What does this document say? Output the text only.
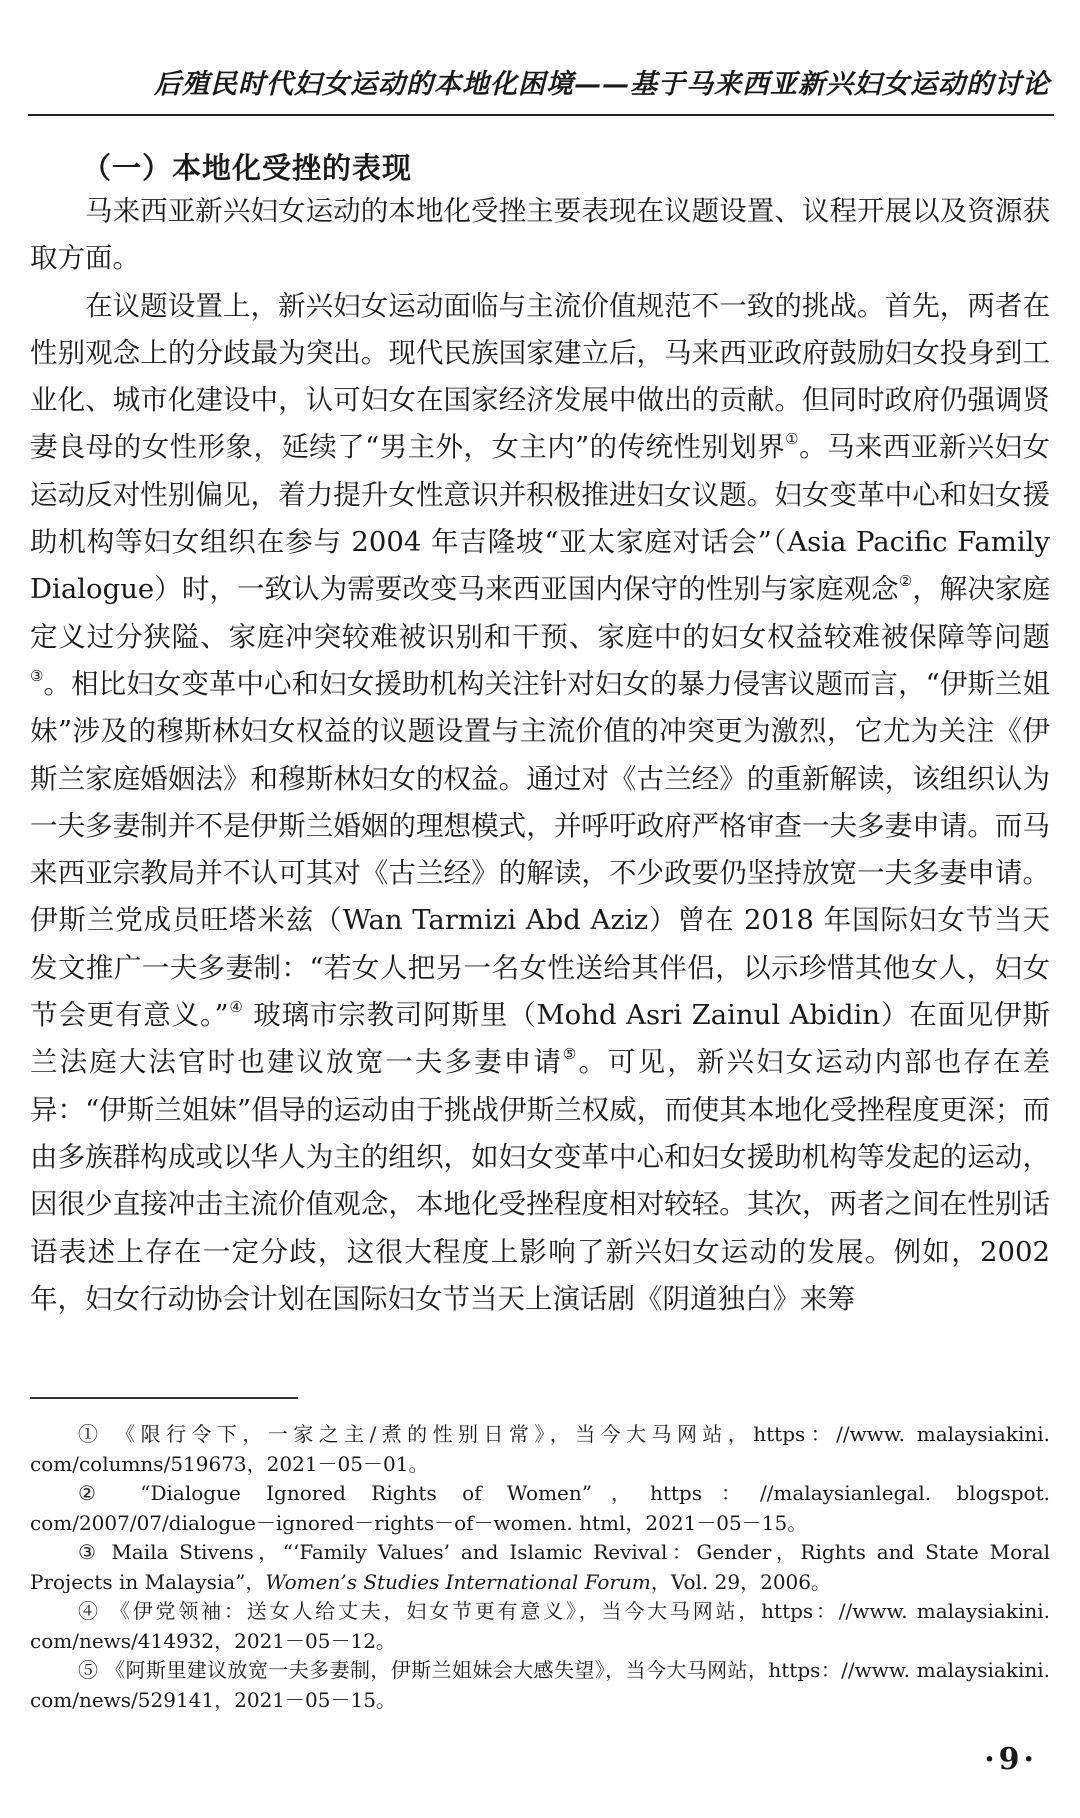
后殖民时代妇女运动的本地化困境——基于马来西亚新兴妇女运动的讨论
（一）本地化受挫的表现

马来西亚新兴妇女运动的本地化受挫主要表现在议题设置、议程开展以及资源获取方面。

在议题设置上，新兴妇女运动面临与主流价值规范不一致的挑战。首先，两者在性别观念上的分歧最为突出。现代民族国家建立后，马来西亚政府鼓励妇女投身到工业化、城市化建设中，认可妇女在国家经济发展中做出的贡献。但同时政府仍强调贤妻良母的女性形象，延续了“男主外，女主内”的传统性别划界①。马来西亚新兴妇女运动反对性别偏见，着力提升女性意识并积极推进妇女议题。妇女变革中心和妇女援助机构等妇女组织在参与 2004 年吉隆坡“亚太家庭对话会”（Asia Pacific Family Dialogue）时，一致认为需要改变马来西亚国内保守的性别与家庭观念②，解决家庭定义过分狭隘、家庭冲突较难被识别和干预、家庭中的妇女权益较难被保障等问题③。相比妇女变革中心和妇女援助机构关注针对妇女的暴力侵害议题而言，“伊斯兰姐妹”涉及的穆斯林妇女权益的议题设置与主流价值的冲突更为激烈，它尤为关注《伊斯兰家庭婚姻法》和穆斯林妇女的权益。通过对《古兰经》的重新解读，该组织认为一夫多妻制并不是伊斯兰婚姻的理想模式，并呼吁政府严格审查一夫多妻申请。而马来西亚宗教局并不认可其对《古兰经》的解读，不少政要仍坚持放宽一夫多妻申请。伊斯兰党成员旺塔米兹（Wan Tarmizi Abd Aziz）曾在 2018 年国际妇女节当天发文推广一夫多妻制：“若女人把另一名女性送给其伴侣，以示珍惜其他女人，妇女节会更有意义。”④ 玻璃市宗教司阿斯里（Mohd Asri Zainul Abidin）在面见伊斯兰法庭大法官时也建议放宽一夫多妻申请⑤。可见，新兴妇女运动内部也存在差异：“伊斯兰姐妹”倡导的运动由于挑战伊斯兰权威，而使其本地化受挫程度更深；而由多族群构成或以华人为主的组织，如妇女变革中心和妇女援助机构等发起的运动，因很少直接冲击主流价值观念，本地化受挫程度相对较轻。其次，两者之间在性别话语表述上存在一定分歧，这很大程度上影响了新兴妇女运动的发展。例如，2002 年，妇女行动协会计划在国际妇女节当天上演话剧《阴道独白》来筹

① 《限行令下，一家之主/煮的性别日常》，当今大马网站，https：//www. malaysiakini. com/columns/519673，2021－05－01。

② “Dialogue Ignored Rights of Women”，https：//malaysianlegal. blogspot. com/2007/07/dialogue－ignored－rights－of－women. html，2021－05－15。

③ Maila Stivens，“‘Family Values’ and Islamic Revival：Gender，Rights and State Moral Projects in Malaysia”，Women’s Studies International Forum，Vol. 29，2006。

④ 《伊党领袖：送女人给丈夫，妇女节更有意义》，当今大马网站，https：//www. malaysiakini. com/news/414932，2021－05－12。

⑤ 《阿斯里建议放宽一夫多妻制，伊斯兰姐妹会大感失望》，当今大马网站，https：//www. malaysiakini. com/news/529141，2021－05－15。

·9·
